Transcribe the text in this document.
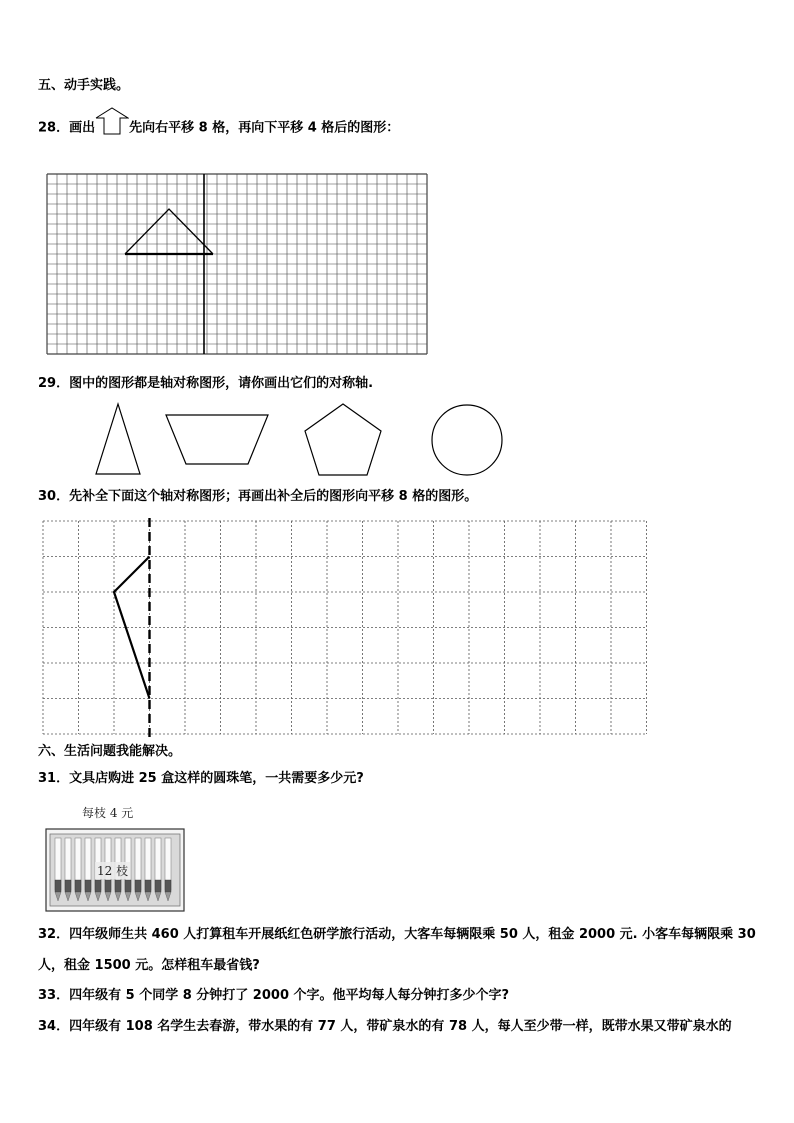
五、动手实践。
28．画出	先向右平移 8 格，再向下平移 4 格后的图形：
29．图中的图形都是轴对称图形，请你画出它们的对称轴.
30．先补全下面这个轴对称图形；再画出补全后的图形向平移 8 格的图形。
六、生活问题我能解决。
31．文具店购进 25 盒这样的圆珠笔，一共需要多少元?
每枝 4 元
12 枝
32．四年级师生共 460 人打算租车开展纸红色研学旅行活动，大客车每辆限乘 50 人，租金 2000 元. 小客车每辆限乘 30
人，租金 1500 元。怎样租车最省钱?
33．四年级有 5 个同学 8 分钟打了 2000 个字。他平均每人每分钟打多少个字?
34．四年级有 108 名学生去春游，带水果的有 77 人，带矿泉水的有 78 人，每人至少带一样，既带水果又带矿泉水的
